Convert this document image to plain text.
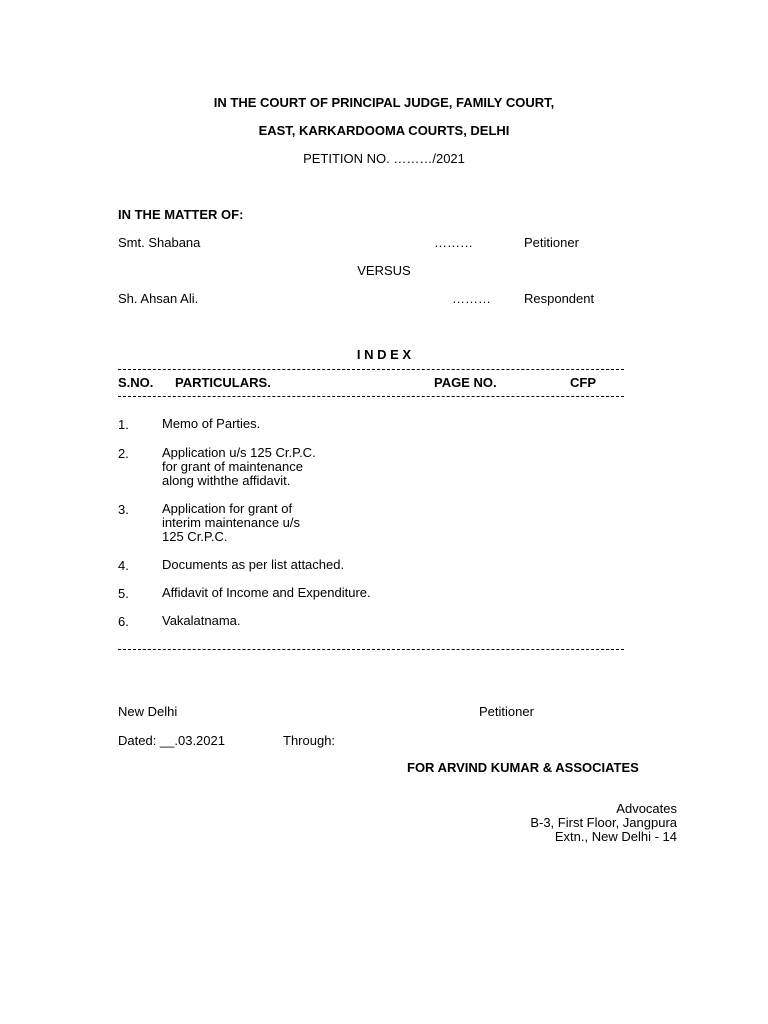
IN THE COURT OF PRINCIPAL JUDGE, FAMILY COURT,
EAST, KARKARDOOMA COURTS, DELHI
PETITION NO. ………/2021
IN THE MATTER OF:
Smt. Shabana	………	Petitioner
VERSUS
Sh. Ahsan Ali.	………	Respondent
I N D E X
S.NO. PARTICULARS.	PAGE NO.	CFP
1.	Memo of Parties.
2.	Application u/s 125 Cr.P.C.
for grant of maintenance
along withthe affidavit.
3.	Application for grant of
interim maintenance u/s
125 Cr.P.C.
4.	Documents as per list attached.
5.	Affidavit of Income and Expenditure.
6.	Vakalatnama.
New Delhi	Petitioner
Dated: __.03.2021	Through:
FOR ARVIND KUMAR & ASSOCIATES
Advocates
B-3, First Floor, Jangpura
Extn., New Delhi - 14
